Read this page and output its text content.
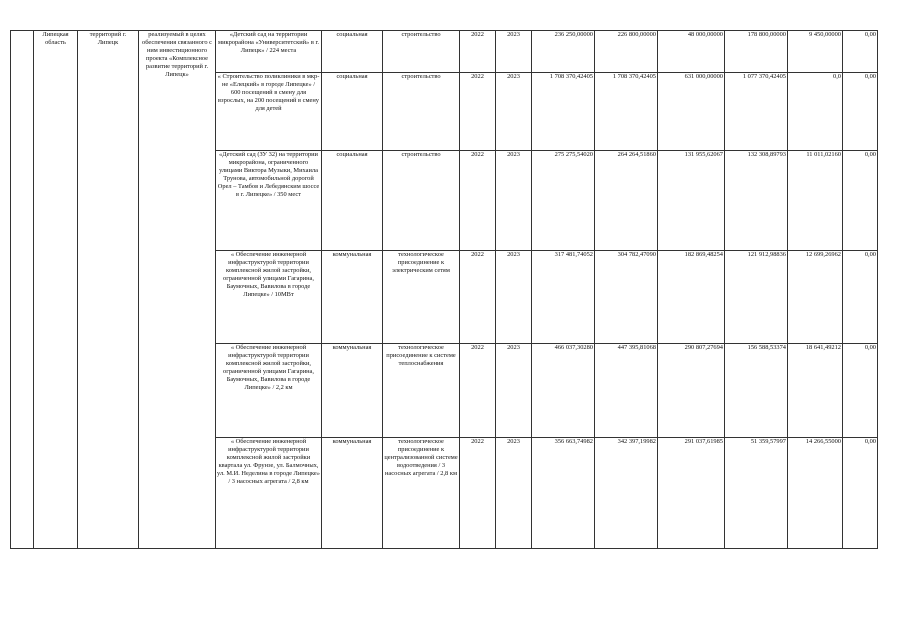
	Липецкая область	территорий г. Липецк	реализуемый в целях обеспечения связанного с ним инвестиционного проекта «Комплексное развитие территорий г. Липецк»	«Детский сад на территории микрорайона «Университетский» в г. Липецк» / 224 места	социальная	строительство	2022	2023	236 250,00000	226 800,00000	48 000,00000	178 800,00000	9 450,00000	0,00
				« Строительство поликлиники в мкр-не «Елецкий» в городе Липецке» / 600 посещений в смену для взрослых, на 200 посещений в смену для детей	социальная	строительство	2022	2023	1 708 370,42405	1 708 370,42405	631 000,00000	1 077 370,42405	0,0	0,00
				«Детский сад (ЗУ 32) на территории микрорайона, ограниченного улицами Виктора Музыки, Михаила Трунова, автомобильной дорогой Орел – Тамбов и Лебедянским шоссе в г. Липецке» / 350 мест	социальная	строительство	2022	2023	275 275,54020	264 264,51860	131 955,62067	132 308,89793	11 011,02160	0,00
				« Обеспечение инженерной инфраструктурой территории комплексной жилой застройки, ограниченной улицами Гагарина, Баумочных, Вавилова в городе Липецке» / 10МВт	коммунальная	технологическое присоединение к электрическим сетям	2022	2023	317 481,74052	304 782,47090	182 869,48254	121 912,98836	12 699,26962	0,00
				« Обеспечение инженерной инфраструктурой территории комплексной жилой застройки, ограниченной улицами Гагарина, Баумочных, Вавилова в городе Липецке» / 2,2 км	коммунальная	технологическое присоединение к системе теплоснабжения	2022	2023	466 037,30280	447 395,81068	290 807,27694	156 588,53374	18 641,49212	0,00
				« Обеспечение инженерной инфраструктурой территории комплексной жилой застройки квартала ул. Фрунзе, ул. Балмочных, ул. М.И. Неделина в городе Липецке» / 3 насосных агрегата / 2,8 км	коммунальная	технологическое присоединение к централизованной системе водоотведения / 3 насосных агрегата / 2,8 км	2022	2023	356 663,74982	342 397,19982	291 037,61985	51 359,57997	14 266,55000	0,00
